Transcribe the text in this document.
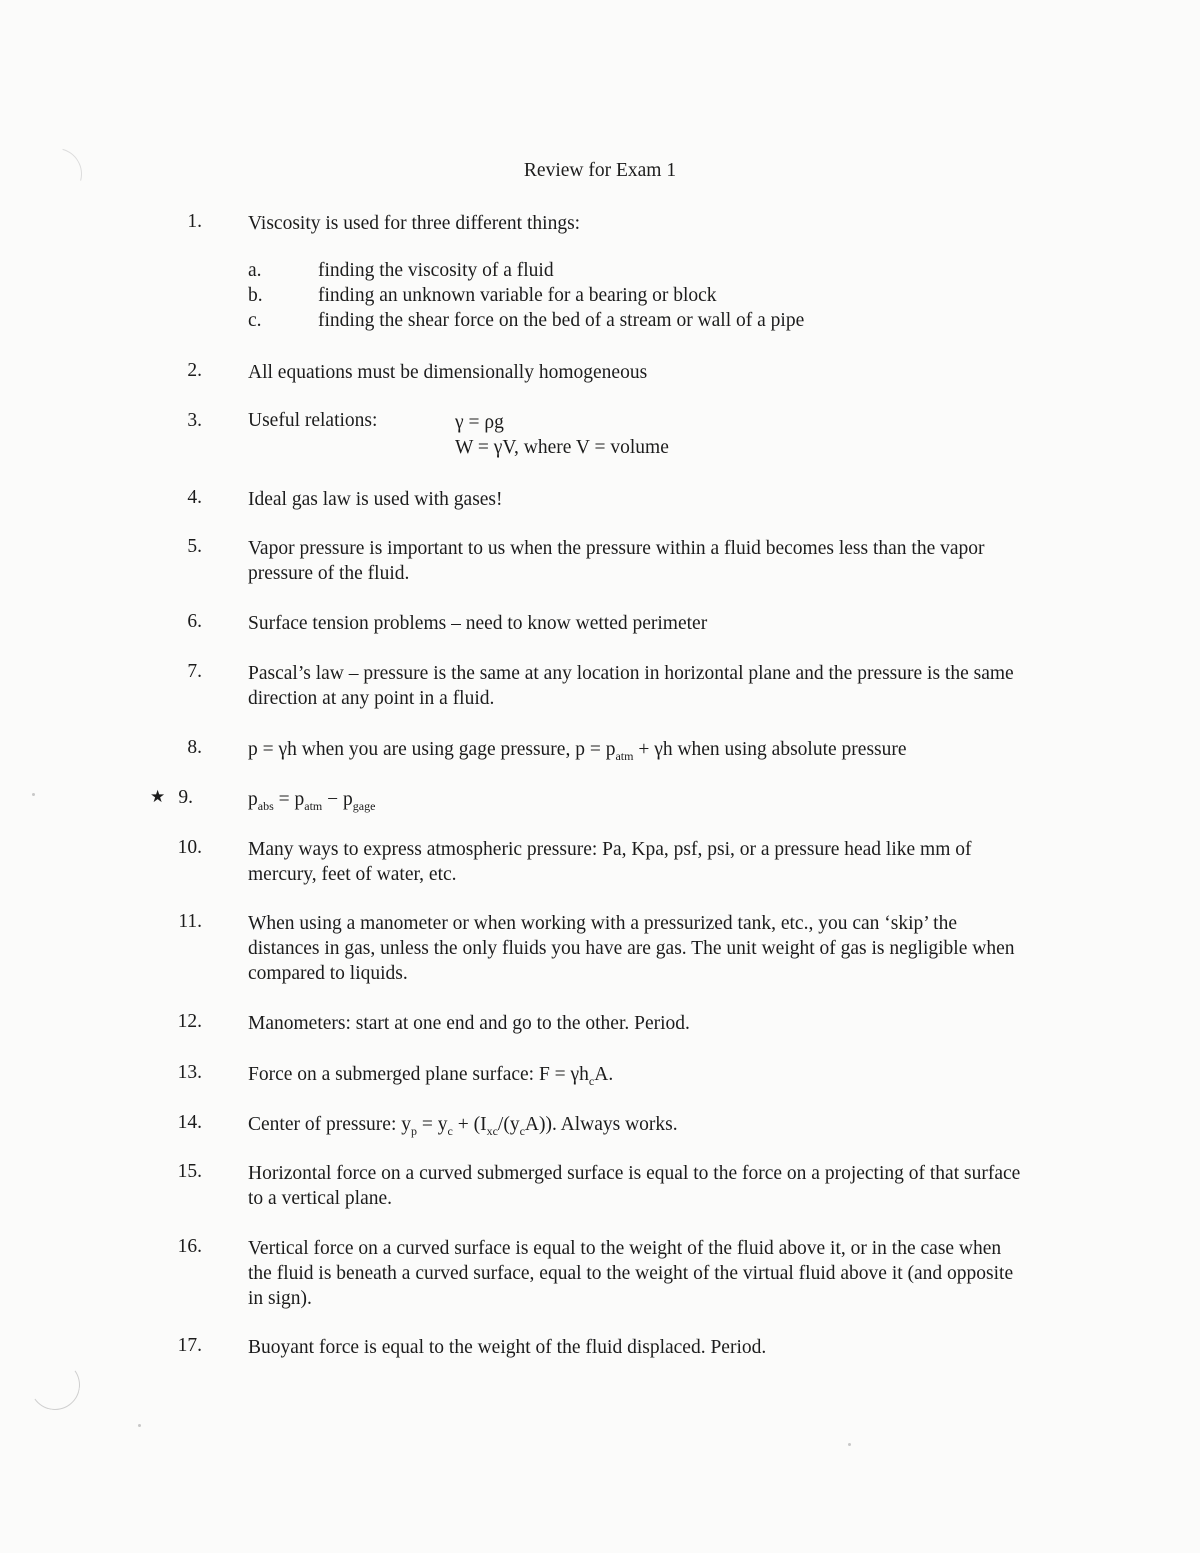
Review for Exam 1
1. Viscosity is used for three different things:
a.	finding the viscosity of a fluid
b.	finding an unknown variable for a bearing or block
c.	finding the shear force on the bed of a stream or wall of a pipe
2. All equations must be dimensionally homogeneous
3. Useful relations:	γ = ρg
W = γV, where V = volume
4. Ideal gas law is used with gases!
5. Vapor pressure is important to us when the pressure within a fluid becomes less than the vapor pressure of the fluid.
6. Surface tension problems – need to know wetted perimeter
7. Pascal’s law – pressure is the same at any location in horizontal plane and the pressure is the same direction at any point in a fluid.
8. p = γh when you are using gage pressure, $p = p_{atm} + \gamma h$ when using absolute pressure
★ 9.	$p_{abs} = p_{atm} - p_{gage}$
10. Many ways to express atmospheric pressure: Pa, Kpa, psf, psi, or a pressure head like mm of mercury, feet of water, etc.
11. When using a manometer or when working with a pressurized tank, etc., you can ‘skip’ the distances in gas, unless the only fluids you have are gas. The unit weight of gas is negligible when compared to liquids.
12. Manometers: start at one end and go to the other. Period.
13. Force on a submerged plane surface: $F = \gamma h_cA$.
14. Center of pressure: $y_p = y_c + (I_{xc}/(y_cA))$. Always works.
15. Horizontal force on a curved submerged surface is equal to the force on a projecting of that surface to a vertical plane.
16. Vertical force on a curved surface is equal to the weight of the fluid above it, or in the case when the fluid is beneath a curved surface, equal to the weight of the virtual fluid above it (and opposite in sign).
17. Buoyant force is equal to the weight of the fluid displaced. Period.
